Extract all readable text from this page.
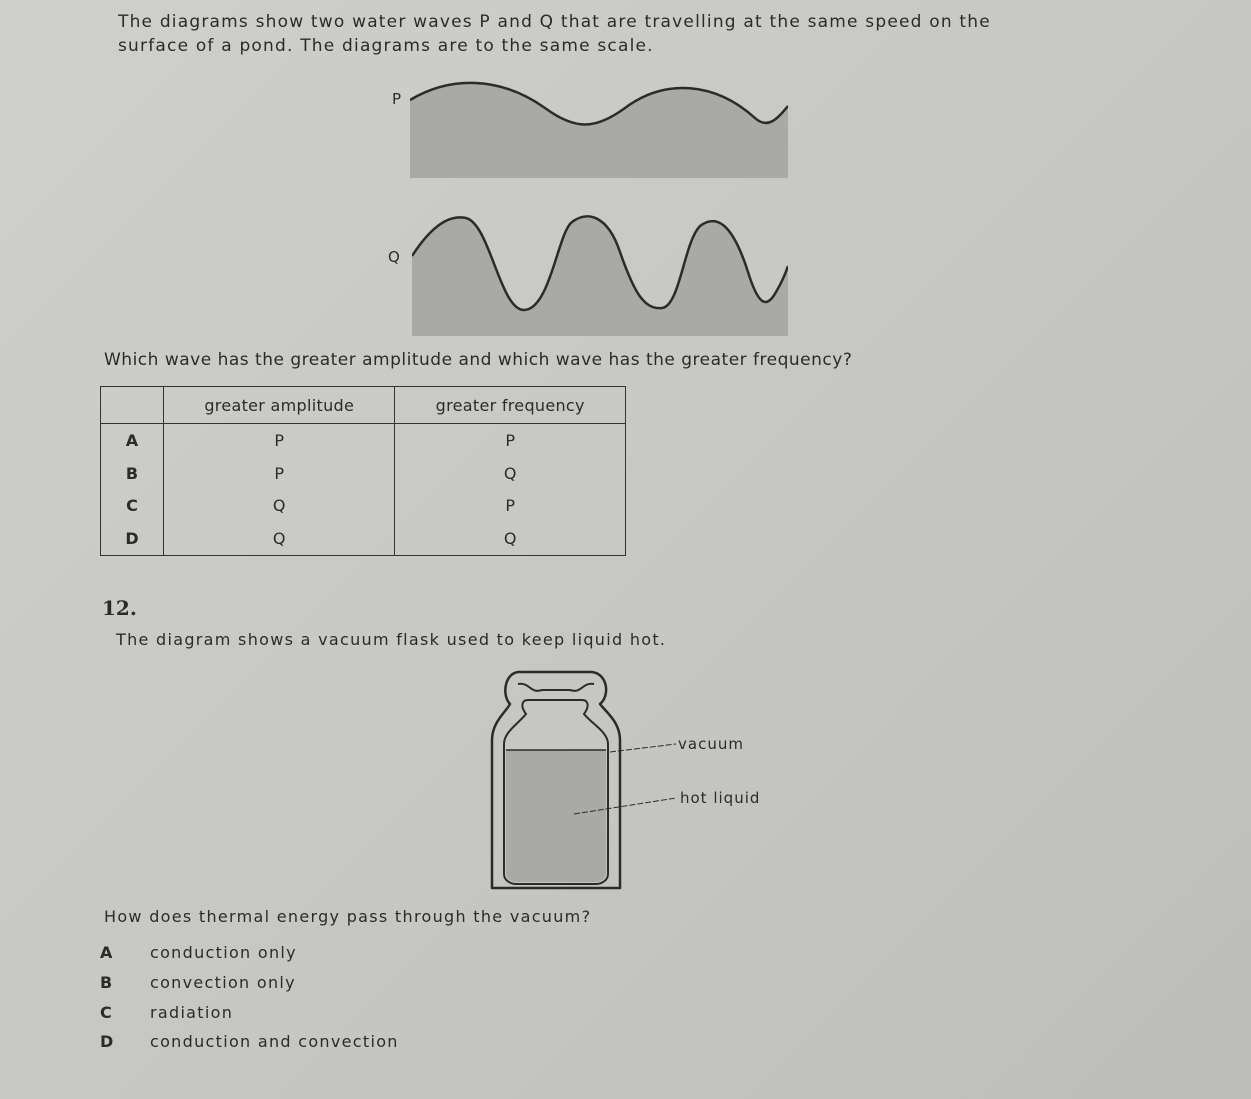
The diagrams show two water waves P and Q that are travelling at the same speed on the
surface of a pond. The diagrams are to the same scale.
P
Q
Which wave has the greater amplitude and which wave has the greater frequency?
	greater amplitude	greater frequency
A	P	P
B	P	Q
C	Q	P
D	Q	Q
12.
The diagram shows a vacuum flask used to keep liquid hot.
vacuum
hot liquid
How does thermal energy pass through the vacuum?
A conduction only
B convection only
C radiation
D conduction and convection
